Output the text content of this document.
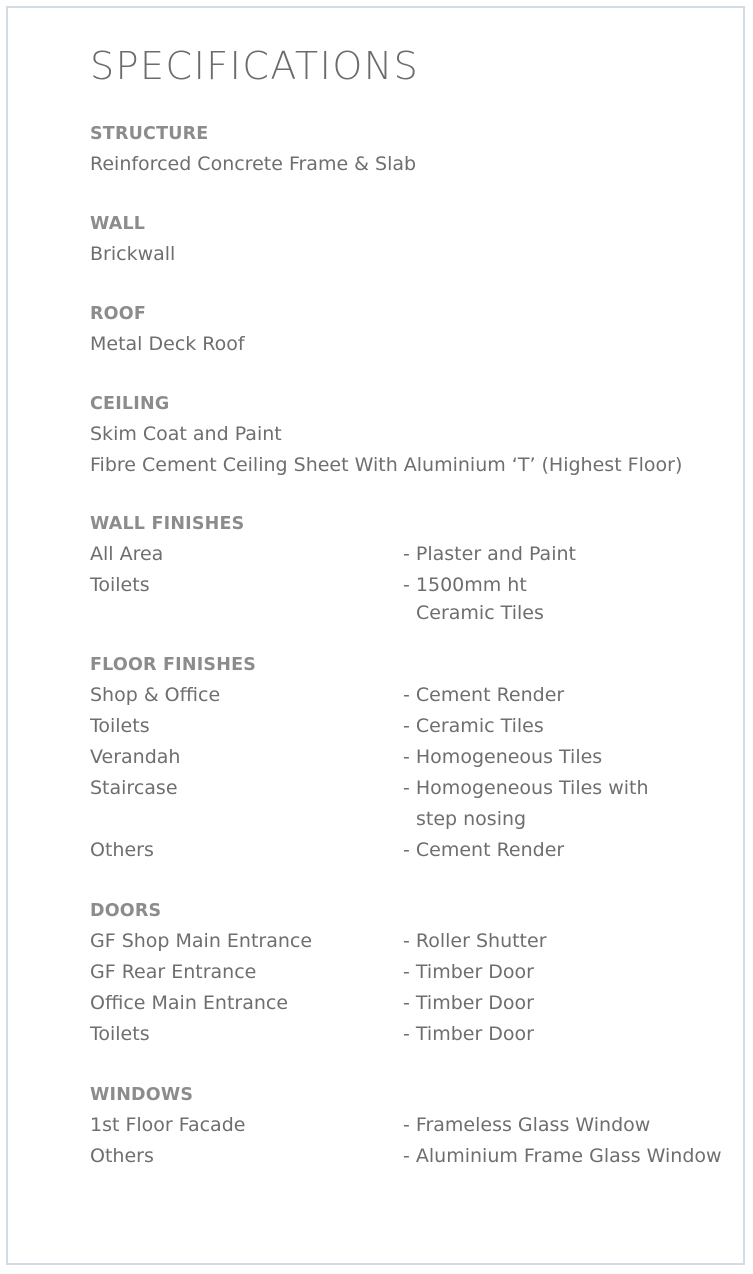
SPECIFICATIONS
STRUCTURE
Reinforced Concrete Frame & Slab
WALL
Brickwall
ROOF
Metal Deck Roof
CEILING
Skim Coat and Paint
Fibre Cement Ceiling Sheet With Aluminium ‘T’ (Highest Floor)
WALL FINISHES
All Area	- Plaster and Paint
Toilets	- 1500mm ht
Ceramic Tiles
FLOOR FINISHES
Shop & Office	- Cement Render
Toilets	- Ceramic Tiles
Verandah	- Homogeneous Tiles
Staircase	- Homogeneous Tiles with
step nosing
Others	- Cement Render
DOORS
GF Shop Main Entrance	- Roller Shutter
GF Rear Entrance	- Timber Door
Office Main Entrance	- Timber Door
Toilets	- Timber Door
WINDOWS
1st Floor Facade	- Frameless Glass Window
Others	- Aluminium Frame Glass Window
